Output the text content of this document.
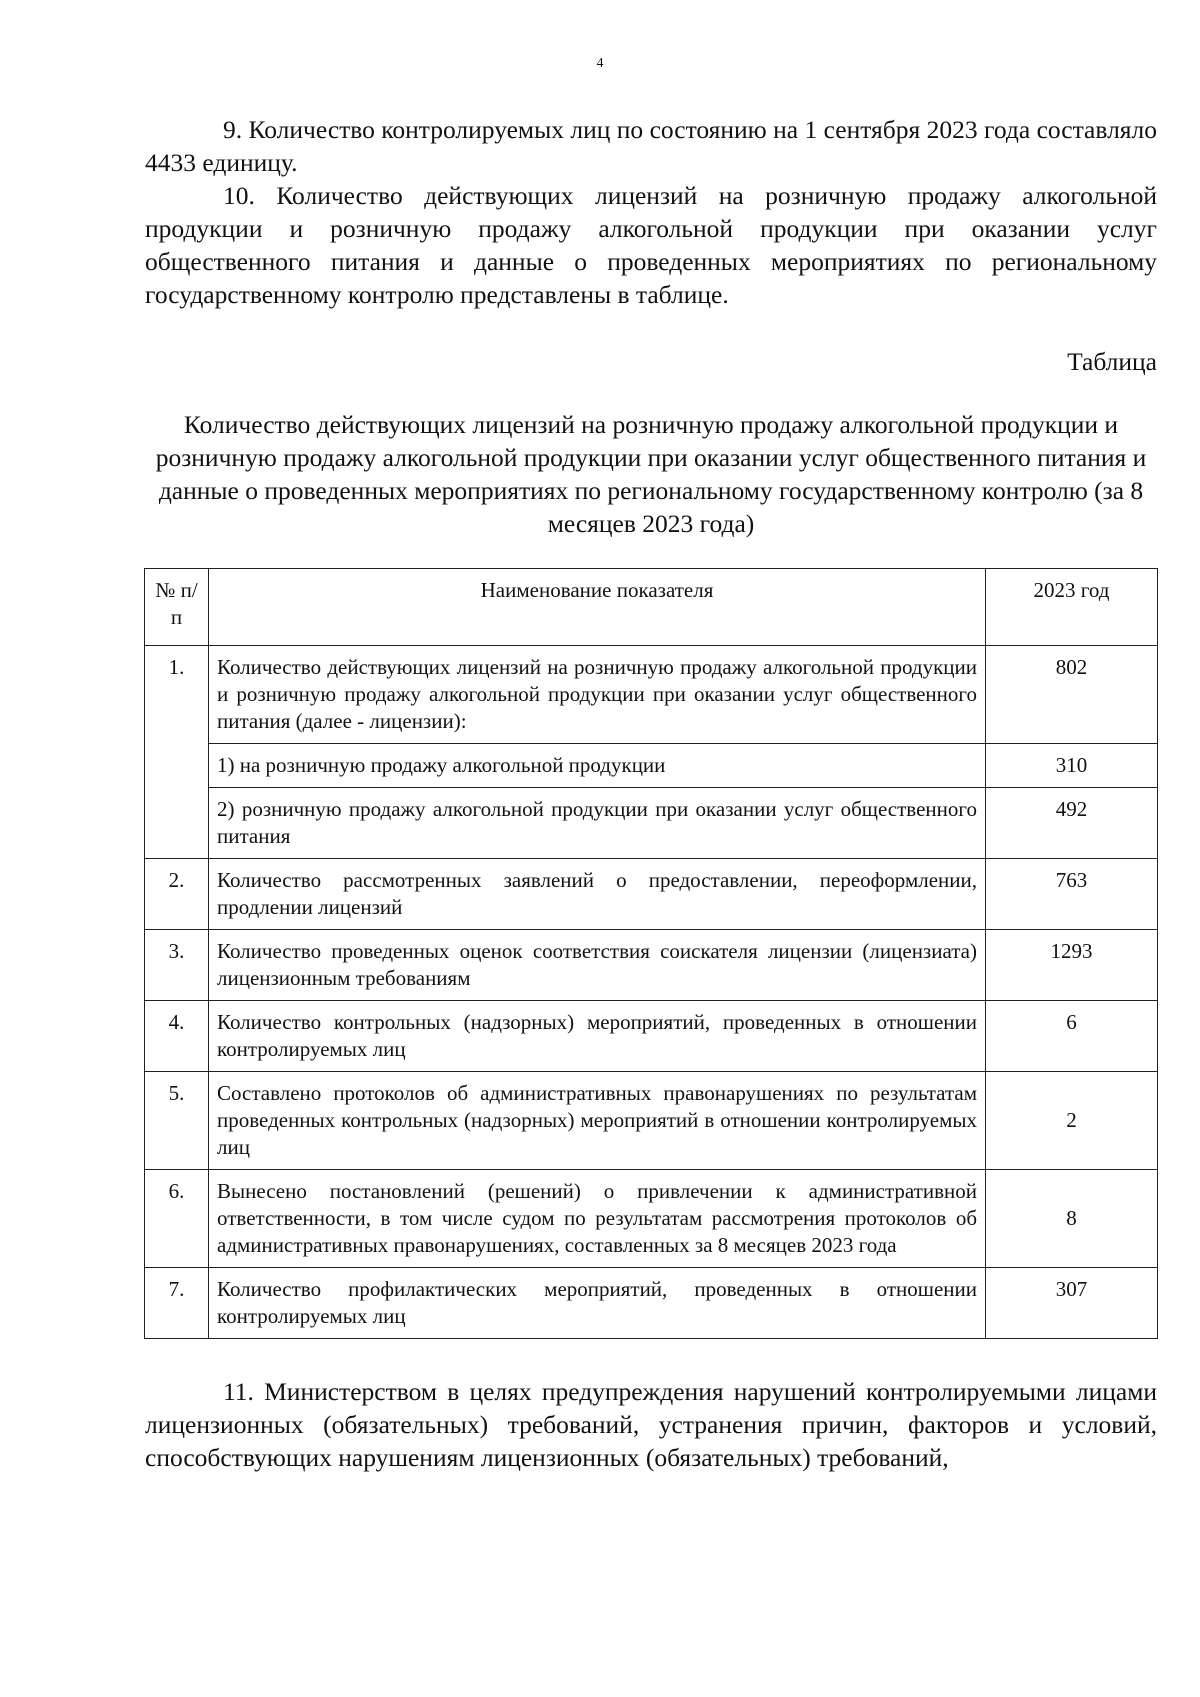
4

9. Количество контролируемых лиц по состоянию на 1 сентября 2023 года составляло 4433 единицу.

10. Количество действующих лицензий на розничную продажу алкогольной продукции и розничную продажу алкогольной продукции при оказании услуг общественного питания и данные о проведенных мероприятиях по региональному государственному контролю представлены в таблице.

Таблица
Количество действующих лицензий на розничную продажу алкогольной продукции и розничную продажу алкогольной продукции при оказании услуг общественного питания и данные о проведенных мероприятиях по региональному государственному контролю (за 8 месяцев 2023 года)
№ п/п	Наименование показателя	2023 год
1.	Количество действующих лицензий на розничную продажу алкогольной продукции и розничную продажу алкогольной продукции при оказании услуг общественного питания (далее - лицензии):	802
	1) на розничную продажу алкогольной продукции	310
	2) розничную продажу алкогольной продукции при оказании услуг общественного питания	492
2.	Количество рассмотренных заявлений о предоставлении, переоформлении, продлении лицензий	763
3.	Количество проведенных оценок соответствия соискателя лицензии (лицензиата) лицензионным требованиям	1293
4.	Количество контрольных (надзорных) мероприятий, проведенных в отношении контролируемых лиц	6
5.	Составлено протоколов об административных правонарушениях по результатам проведенных контрольных (надзорных) мероприятий в отношении контролируемых лиц	2
6.	Вынесено постановлений (решений) о привлечении к административной ответственности, в том числе судом по результатам рассмотрения протоколов об административных правонарушениях, составленных за 8 месяцев 2023 года	8
7.	Количество профилактических мероприятий, проведенных в отношении контролируемых лиц	307

11. Министерством в целях предупреждения нарушений контролируемыми лицами лицензионных (обязательных) требований, устранения причин, факторов и условий, способствующих нарушениям лицензионных (обязательных) требований,
